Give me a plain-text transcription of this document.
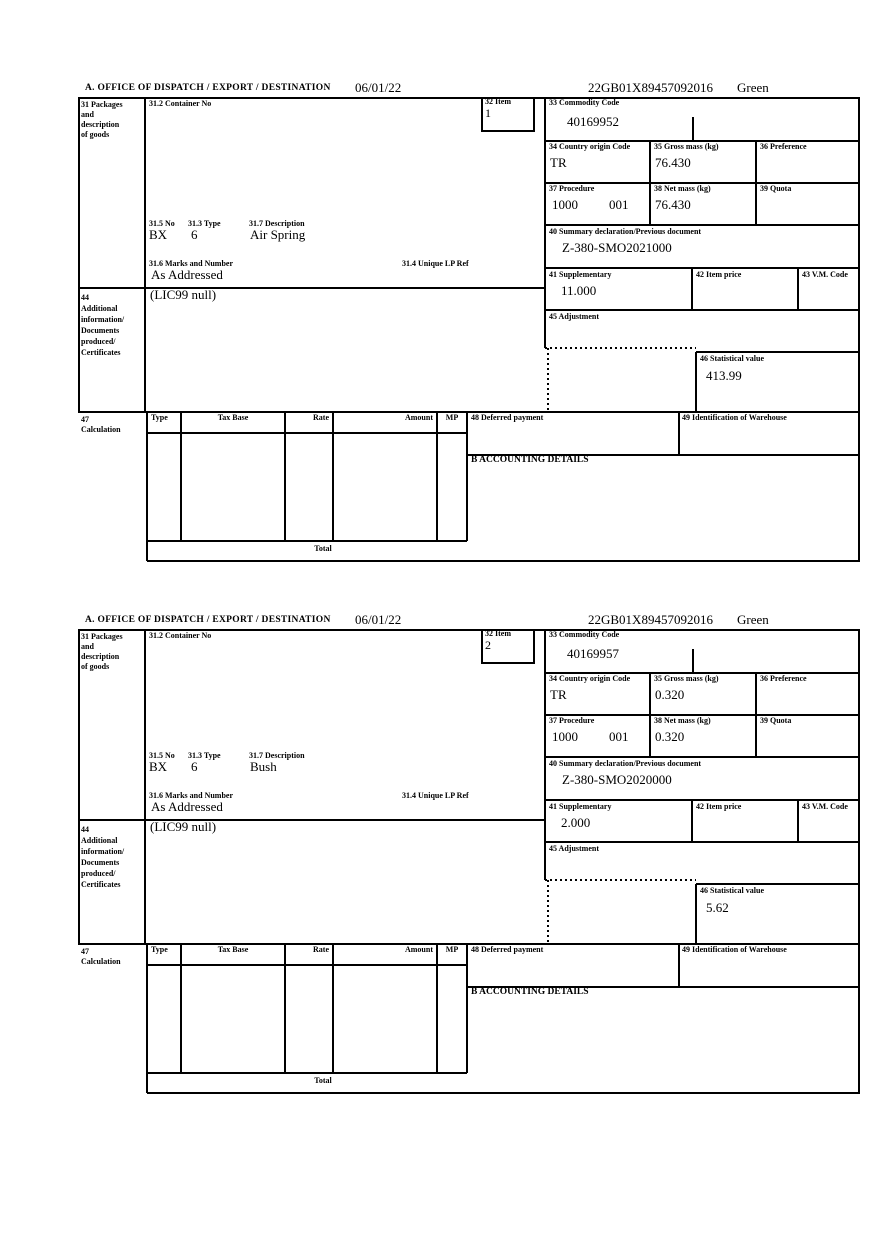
A. OFFICE OF DISPATCH / EXPORT / DESTINATION 06/01/22	22GB01X89457092016 Green
31 Packages
and
description
of goods
44
Additional
information/
Documents
produced/
Certificates
47
Calculation
31.2 Container No
31.5 No 31.3 Type	31.7 Description
BX 6	Air Spring
31.6 Marks and Number	31.4 Unique LP Ref
As Addressed
(LIC99 null)
32 Item
1
33 Commodity Code
40169952
34 Country origin Code
TR
35 Gross mass (kg)
76.430
36 Preference
37 Procedure
1000 001
38 Net mass (kg)
76.430
39 Quota
40 Summary declaration/Previous document
Z-380-SMO2021000
41 Supplementary
11.000
42 Item price	43 V.M. Code
45 Adjustment
46 Statistical value
413.99
Type	Tax Base	Rate	Amount	MP	48 Deferred payment	49 Identification of Warehouse
B ACCOUNTING DETAILS
Total
A. OFFICE OF DISPATCH / EXPORT / DESTINATION 06/01/22	22GB01X89457092016 Green
31 Packages
and
description
of goods
44
Additional
information/
Documents
produced/
Certificates
47
Calculation
31.2 Container No
31.5 No 31.3 Type	31.7 Description
BX 6	Bush
31.6 Marks and Number	31.4 Unique LP Ref
As Addressed
(LIC99 null)
32 Item
2
33 Commodity Code
40169957
34 Country origin Code
TR
35 Gross mass (kg)
0.320
36 Preference
37 Procedure
1000 001
38 Net mass (kg)
0.320
39 Quota
40 Summary declaration/Previous document
Z-380-SMO2020000
41 Supplementary
2.000
42 Item price	43 V.M. Code
45 Adjustment
46 Statistical value
5.62
Type	Tax Base	Rate	Amount	MP	48 Deferred payment	49 Identification of Warehouse
B ACCOUNTING DETAILS
Total
